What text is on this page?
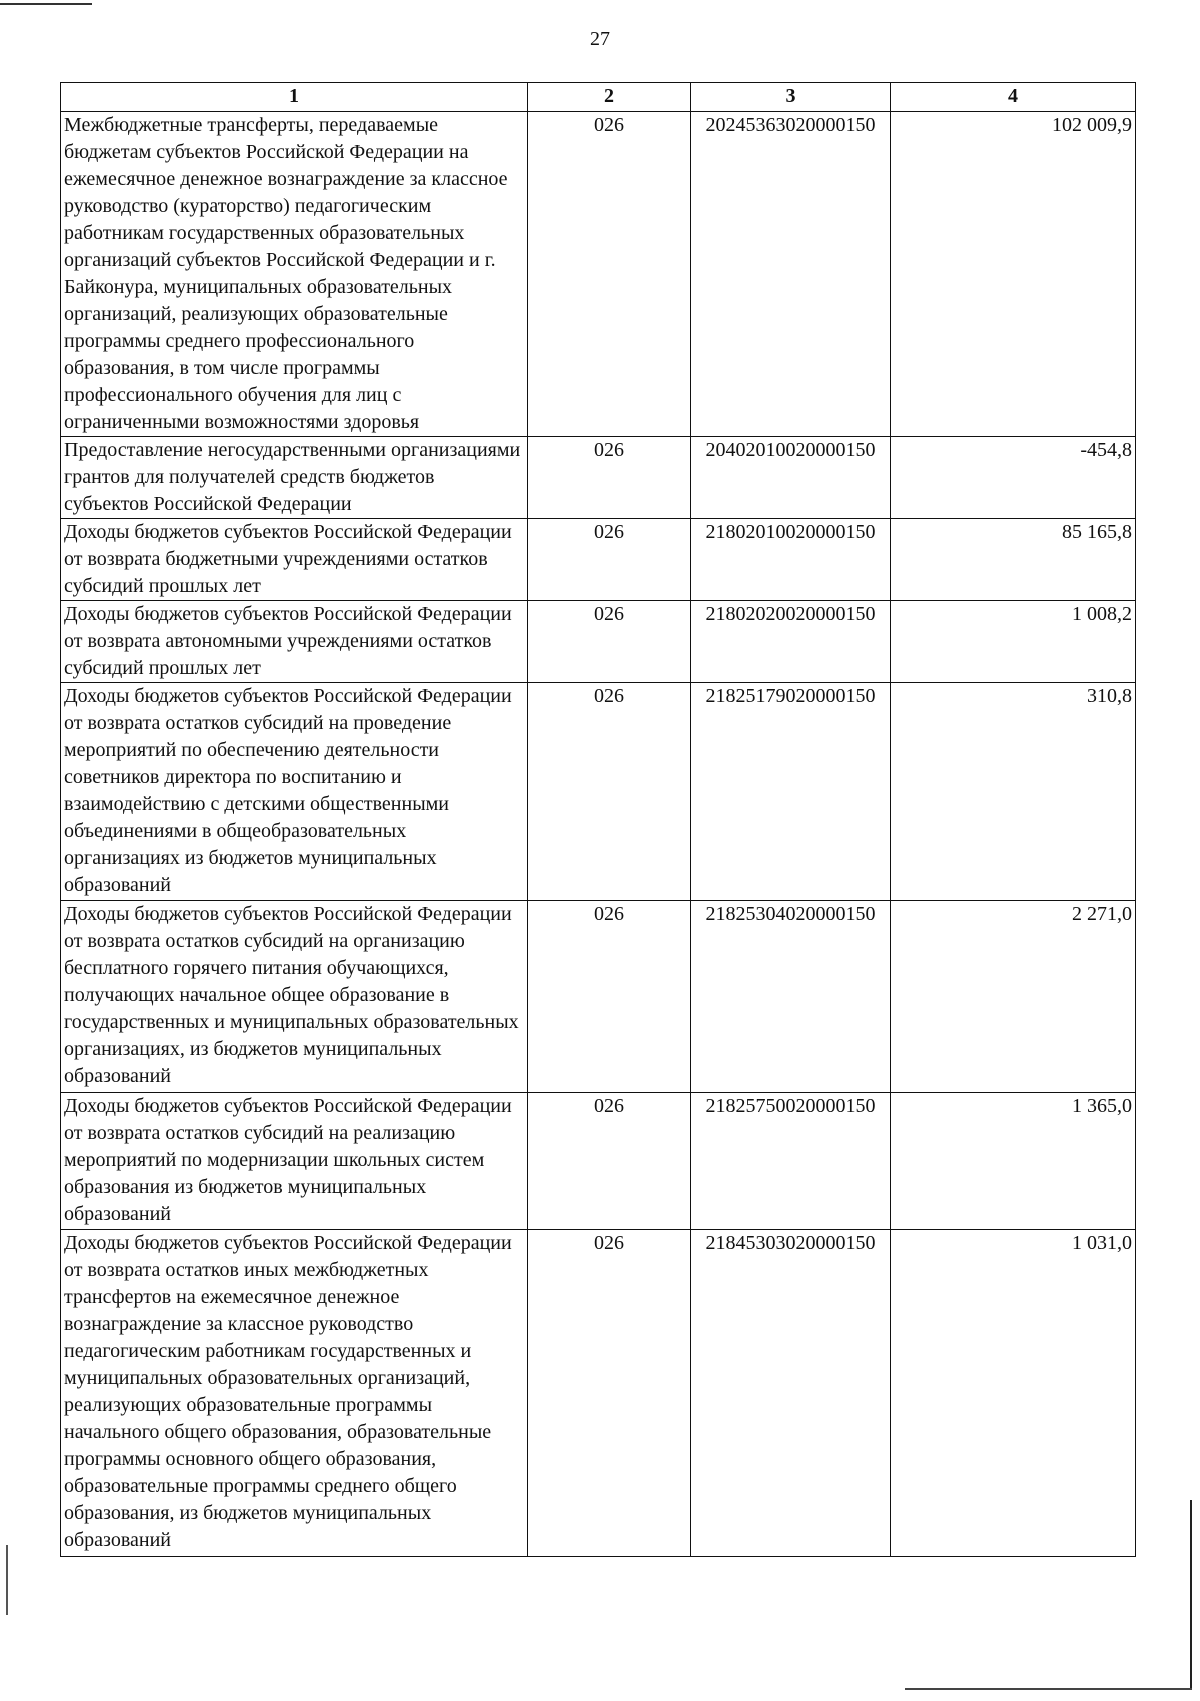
27
1	2	3	4
Межбюджетные трансферты, передаваемые бюджетам субъектов Российской Федерации на ежемесячное денежное вознаграждение за классное руководство (кураторство) педагогическим работникам государственных образовательных организаций субъектов Российской Федерации и г. Байконура, муниципальных образовательных организаций, реализующих образовательные программы среднего профессионального образования, в том числе программы профессионального обучения для лиц с ограниченными возможностями здоровья	026	20245363020000150	102 009,9
Предоставление негосударственными организациями грантов для получателей средств бюджетов субъектов Российской Федерации	026	20402010020000150	-454,8
Доходы бюджетов субъектов Российской Федерации от возврата бюджетными учреждениями остатков субсидий прошлых лет	026	21802010020000150	85 165,8
Доходы бюджетов субъектов Российской Федерации от возврата автономными учреждениями остатков субсидий прошлых лет	026	21802020020000150	1 008,2
Доходы бюджетов субъектов Российской Федерации от возврата остатков субсидий на проведение мероприятий по обеспечению деятельности советников директора по воспитанию и взаимодействию с детскими общественными объединениями в общеобразовательных организациях из бюджетов муниципальных образований	026	21825179020000150	310,8
Доходы бюджетов субъектов Российской Федерации от возврата остатков субсидий на организацию бесплатного горячего питания обучающихся, получающих начальное общее образование в государственных и муниципальных образовательных организациях, из бюджетов муниципальных образований	026	21825304020000150	2 271,0
Доходы бюджетов субъектов Российской Федерации от возврата остатков субсидий на реализацию мероприятий по модернизации школьных систем образования из бюджетов муниципальных образований	026	21825750020000150	1 365,0
Доходы бюджетов субъектов Российской Федерации от возврата остатков иных межбюджетных трансфертов на ежемесячное денежное вознаграждение за классное руководство педагогическим работникам государственных и муниципальных образовательных организаций, реализующих образовательные программы начального общего образования, образовательные программы основного общего образования, образовательные программы среднего общего образования, из бюджетов муниципальных образований	026	21845303020000150	1 031,0
